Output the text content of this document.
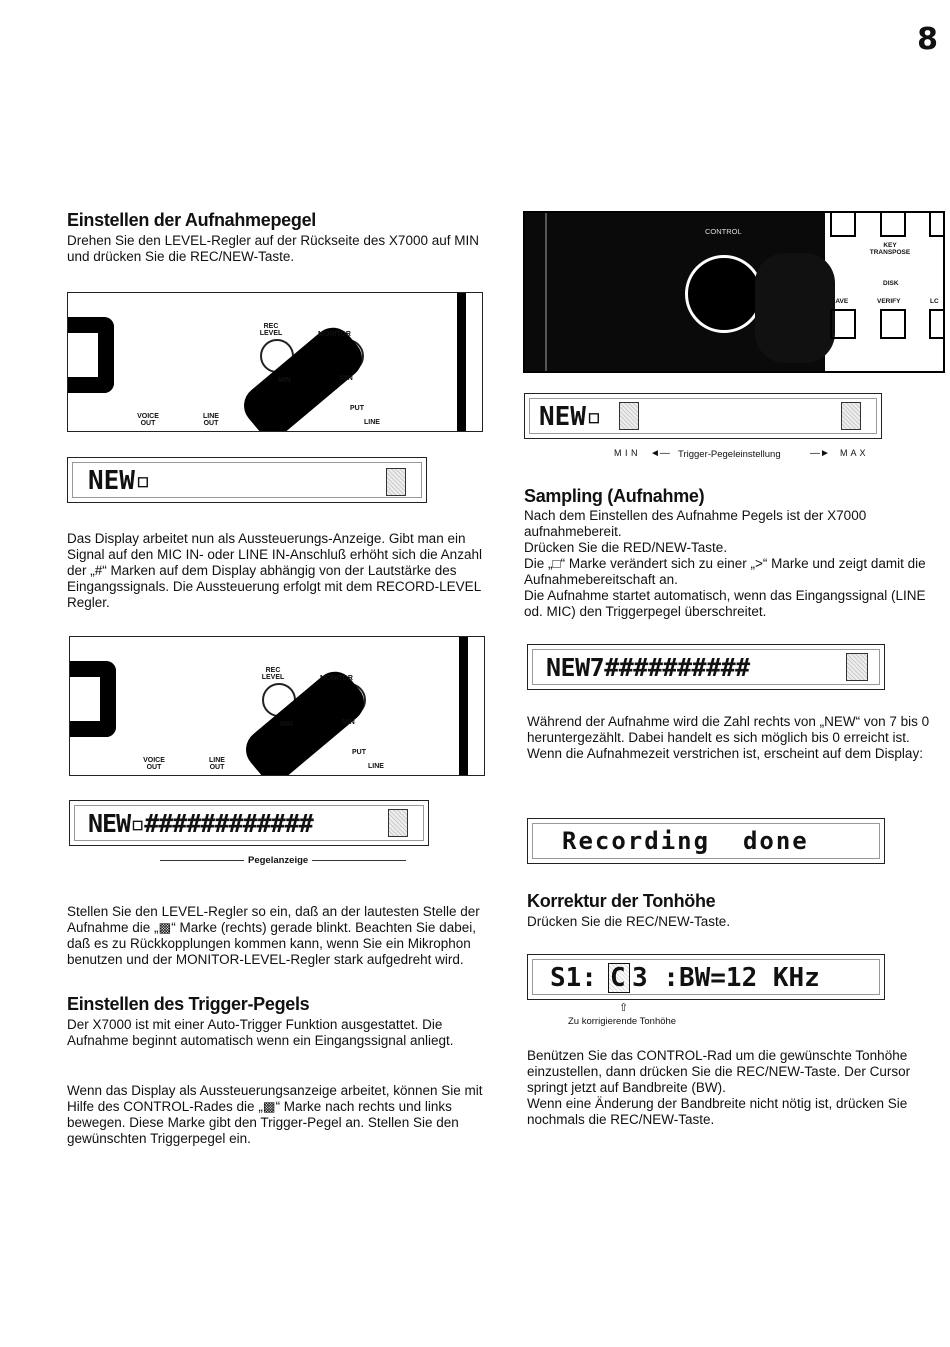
8
Einstellen der Aufnahmepegel

Drehen Sie den LEVEL-Regler auf der Rückseite des X7000 auf MIN und drücken Sie die REC/NEW-Taste.

REC LEVEL	MONITOR
MIN	MIN
VOICE OUT
LINE OUT
PUT
LINE
NEW▫

Das Display arbeitet nun als Aussteuerungs-Anzeige. Gibt man ein Signal auf den MIC IN- oder LINE IN-Anschluß erhöht sich die Anzahl der „#“ Marken auf dem Display abhängig von der Lautstärke des Eingangssignals. Die Aussteuerung erfolgt mit dem RECORD-LEVEL Regler.

REC LEVEL	MONITOR
MIN	MIN
VOICE OUT
LINE OUT
PUT
LINE
NEW▫############
Pegelanzeige

Stellen Sie den LEVEL-Regler so ein, daß an der lautesten Stelle der Aufnahme die „▩“ Marke (rechts) gerade blinkt. Beachten Sie dabei, daß es zu Rückkopplungen kommen kann, wenn Sie ein Mikrophon benutzen und der MONITOR-LEVEL-Regler stark aufgedreht wird.

Einstellen des Trigger-Pegels

Der X7000 ist mit einer Auto-Trigger Funktion ausgestattet. Die Aufnahme beginnt automatisch wenn ein Eingangssignal anliegt.

Wenn das Display als Aussteuerungsanzeige arbeitet, können Sie mit Hilfe des CONTROL-Rades die „▩“ Marke nach rechts und links bewegen. Diese Marke gibt den Trigger-Pegel an. Stellen Sie den gewünschten Triggerpegel ein.

CONTROL
KEY TRANSPOSE
DISK
SAVE	VERIFY	LC
NEW▫
M I N ◄— Trigger-Pegeleinstellung	—► M A X
Sampling (Aufnahme)

Nach dem Einstellen des Aufnahme Pegels ist der X7000 aufnahmebereit.
Drücken Sie die RED/NEW-Taste.
Die „□“ Marke verändert sich zu einer „>“ Marke und zeigt damit die Aufnahmebereitschaft an.
Die Aufnahme startet automatisch, wenn das Eingangssignal (LINE od. MIC) den Triggerpegel überschreitet.

NEW7##########

Während der Aufnahme wird die Zahl rechts von „NEW“ von 7 bis 0 heruntergezählt. Dabei handelt es sich möglich bis 0 erreicht ist.
Wenn die Aufnahmezeit verstrichen ist, erscheint auf dem Display:

Recording  done
Korrektur der Tonhöhe

Drücken Sie die REC/NEW-Taste.

S1: C 3 :BW=12 KHz
⇧
Zu korrigierende Tonhöhe

Benützen Sie das CONTROL-Rad um die gewünschte Tonhöhe einzustellen, dann drücken Sie die REC/NEW-Taste. Der Cursor springt jetzt auf Bandbreite (BW).
Wenn eine Änderung der Bandbreite nicht nötig ist, drücken Sie nochmals die REC/NEW-Taste.
